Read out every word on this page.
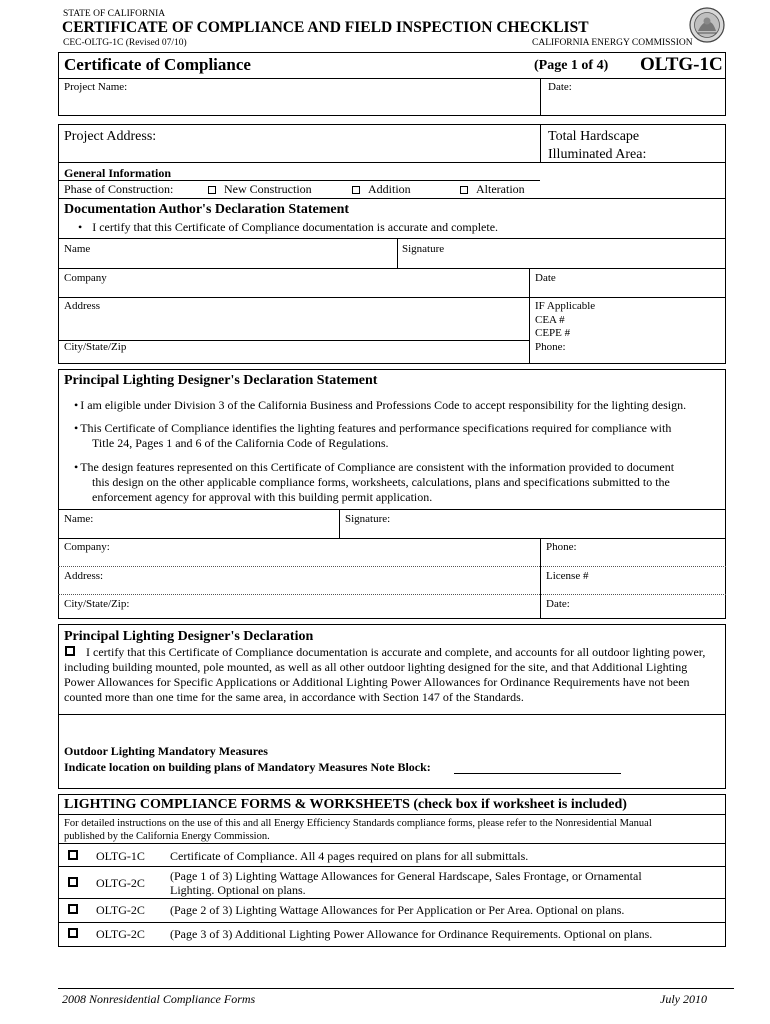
STATE OF CALIFORNIA
CERTIFICATE OF COMPLIANCE AND FIELD INSPECTION CHECKLIST
CEC-OLTG-1C (Revised 07/10)	CALIFORNIA ENERGY COMMISSION
Certificate of Compliance	(Page 1 of 4) OLTG-1C
Project Name:	Date:
Project Address:	Total Hardscape
Illuminated Area:
General Information
Phase of Construction:	New Construction	Addition	Alteration
Documentation Author's Declaration Statement
• I certify that this Certificate of Compliance documentation is accurate and complete.
Name	Signature
Company	Date
Address	IF Applicable
CEA #
CEPE #
City/State/Zip	Phone:
Principal Lighting Designer's Declaration Statement
• I am eligible under Division 3 of the California Business and Professions Code to accept responsibility for the lighting design.
• This Certificate of Compliance identifies the lighting features and performance specifications required for compliance with
Title 24, Pages 1 and 6 of the California Code of Regulations.
• The design features represented on this Certificate of Compliance are consistent with the information provided to document
this design on the other applicable compliance forms, worksheets, calculations, plans and specifications submitted to the
enforcement agency for approval with this building permit application.
Name:	Signature:
Company:	Phone:
Address:	License #
City/State/Zip:	Date:
Principal Lighting Designer's Declaration
I certify that this Certificate of Compliance documentation is accurate and complete, and accounts for all outdoor lighting power, including building mounted, pole mounted, as well as all other outdoor lighting designed for the site, and that Additional Lighting Power Allowances for Specific Applications or Additional Lighting Power Allowances for Ordinance Requirements have not been counted more than one time for the same area, in accordance with Section 147 of the Standards.
Outdoor Lighting Mandatory Measures
Indicate location on building plans of Mandatory Measures Note Block:
LIGHTING COMPLIANCE FORMS & WORKSHEETS (check box if worksheet is included)
For detailed instructions on the use of this and all Energy Efficiency Standards compliance forms, please refer to the Nonresidential Manual
published by the California Energy Commission.
OLTG-1C Certificate of Compliance. All 4 pages required on plans for all submittals.
OLTG-2C (Page 1 of 3) Lighting Wattage Allowances for General Hardscape, Sales Frontage, or Ornamental
Lighting. Optional on plans.
OLTG-2C (Page 2 of 3) Lighting Wattage Allowances for Per Application or Per Area. Optional on plans.
OLTG-2C (Page 3 of 3) Additional Lighting Power Allowance for Ordinance Requirements. Optional on plans.
2008 Nonresidential Compliance Forms	July 2010
